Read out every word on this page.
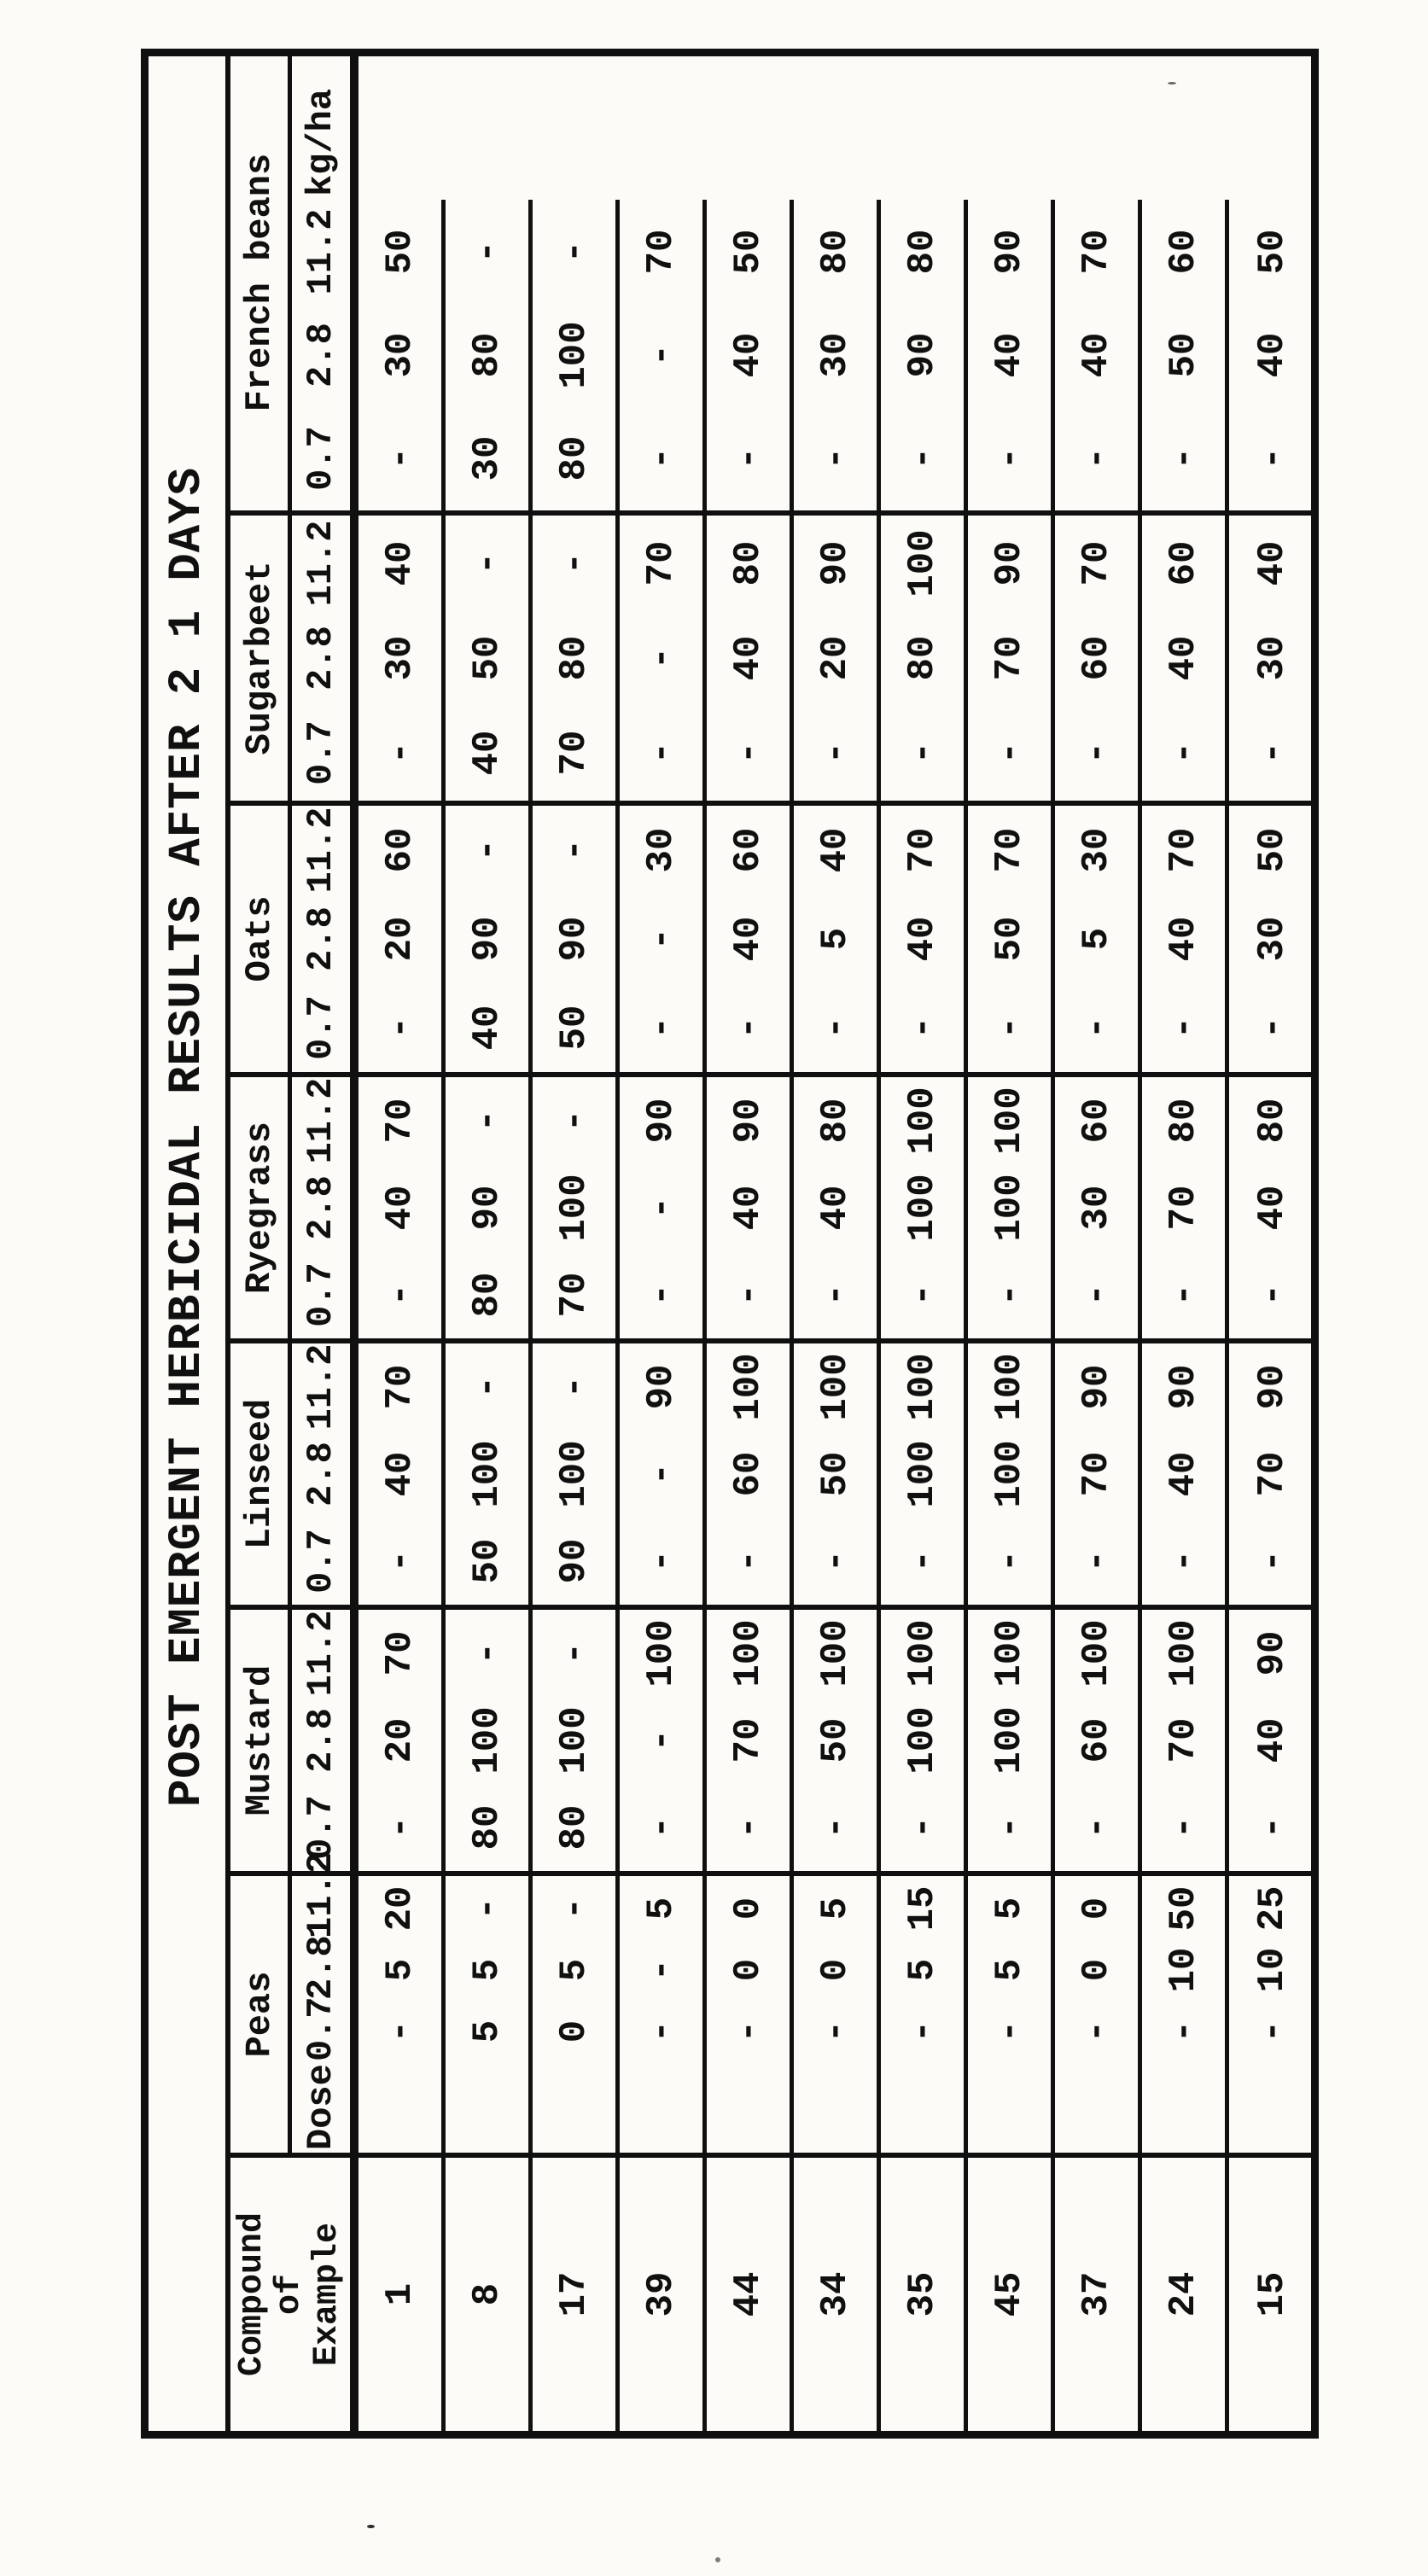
POST EMERGENT HERBICIDAL RESULTS AFTER 2 1 DAYS
Compound of Example
Peas
Mustard
Linseed
Ryegrass
Oats
Sugarbeet
French beans
Dose
0.7
2.8
11.2
0.7
2.8
11.2
0.7
2.8
11.2
0.7
2.8
11.2
0.7
2.8
11.2
0.7
2.8
11.2
0.7
2.8
11.2
kg/ha
1
-
5
20
-
20
70
-
40
70
-
40
70
-
20
60
-
30
40
-
30
50
8
5
5
-
80
100
-
50
100
-
80
90
-
40
90
-
40
50
-
30
80
-
17
0
5
-
80
100
-
90
100
-
70
100
-
50
90
-
70
80
-
80
100
-
39
-
-
5
-
-
100
-
-
90
-
-
90
-
-
30
-
-
70
-
-
70
44
-
0
0
-
70
100
-
60
100
-
40
90
-
40
60
-
40
80
-
40
50
34
-
0
5
-
50
100
-
50
100
-
40
80
-
5
40
-
20
90
-
30
80
35
-
5
15
-
100
100
-
100
100
-
100
100
-
40
70
-
80
100
-
90
80
45
-
5
5
-
100
100
-
100
100
-
100
100
-
50
70
-
70
90
-
40
90
37
-
0
0
-
60
100
-
70
90
-
30
60
-
5
30
-
60
70
-
40
70
24
-
10
50
-
70
100
-
40
90
-
70
80
-
40
70
-
40
60
-
50
60
15
-
10
25
-
40
90
-
70
90
-
40
80
-
30
50
-
30
40
-
40
50
